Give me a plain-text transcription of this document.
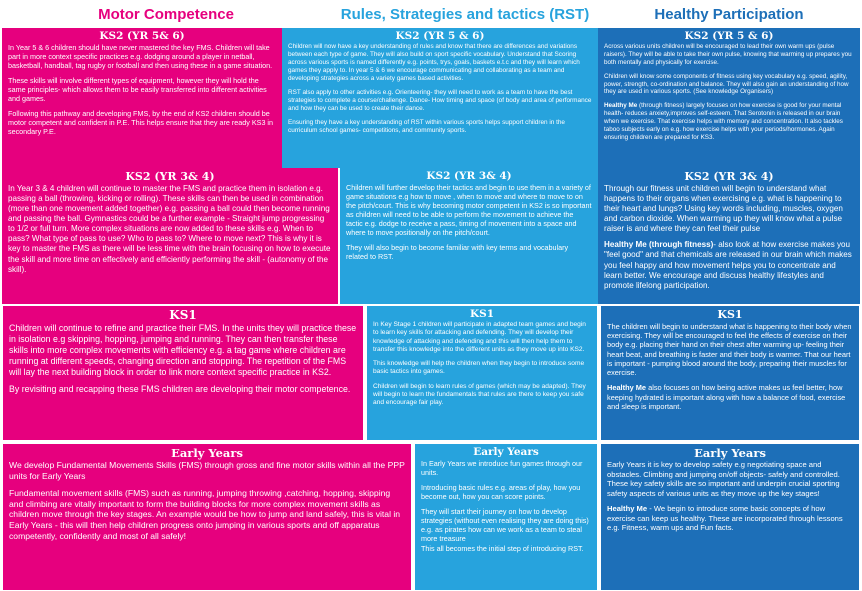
Motor Competence	Rules, Strategies and tactics (RST)	Healthy Participation
KS2 (YR 5& 6)

In Year 5 & 6 children should have never mastered the key FMS. Children will take part in more context specific practices e.g. dodging around a player in netball, basketball, handball, tag rugby or football and then using these in a game situation.

These skills will involve different types of equipment, however they will hold the same principles- which allows them to be easily transferred into different activities and games.

Following this pathway and developing FMS, by the end of KS2 children should be motor competent and confident in P.E. This helps ensure that they are ready KS3 in secondary P.E.

KS2 (YR 3& 4)

In Year 3 & 4 children will continue to master the FMS and practice them in isolation e.g. passing a ball (throwing, kicking or rolling). These skills can then be used in combination (more than one movement added together) e.g. passing a ball could then become running and passing the ball. Gymnastics could be a further example - Straight jump progressing to 1/2 or full turn. More complex situations are now added to these skills e.g. When to pass? What type of pass to use? Who to pass to? Where to move next? This is why it is key to master the FMS as there will be less time with the brain focusing on how to execute the skill and more time on effectively and efficiently performing the skill - (autonomy of the skill).

KS1

Children will continue to refine and practice their FMS. In the units they will practice these in isolation e.g skipping, hopping, jumping and running. They can then transfer these skills into more complex movements with efficiency e.g. a tag game where children are running at different speeds, changing direction and stopping. The repetition of the FMS will lay the next building block in order to link more context specific practice in KS2.

By revisiting and recapping these FMS children are developing their motor competence.

Early Years

We develop Fundamental Movements Skills (FMS) through gross and fine motor skills within all the PPP units for Early Years

Fundamental movement skills (FMS) such as running, jumping throwing ,catching, hopping, skipping and climbing are vitally important to form the building blocks for more complex movement skills as children move through the key stages. An example would be how to jump and land safely, this is vital in Early Years - this will then help children progress onto jumping in various sports and off apparatus competently, confidently and most of all safely!

KS2 (YR 5 & 6)

Children will now have a key understanding of rules and know that there are differences and variations between each type of game. They will also build on sport specific vocabulary. Understand that Scoring across various sports is named differently e.g. points, trys, goals, baskets e.t.c and they will learn which games they apply to. In year 5 & 6 we encourage communicating and collaborating as a team and developing strategies across a variety games based activities.

RST also apply to other activities e.g. Orienteering- they will need to work as a team to have the best strategies to complete a course/challenge. Dance- How timing and space (of body and area of performance and how they can be used to create their dance.

Ensuring they have a key understanding of RST within various sports helps support children in the curriculum school games- competitions, and community sports.

KS2 (YR 3& 4)

Children will further develop their tactics and begin to use them in a variety of game situations e.g how to move , when to move and where to move to on the pitch/court. This is why becoming motor competent in KS2 is so important as children will need to be able to perform the movement to achieve the tactic e.g. dodge to receive a pass, timing of movement into a space and where to move positionally on the pitch/court.

They will also begin to become familiar with key terms and vocabulary related to RST.

KS1

In Key Stage 1 children will participate in adapted team games and begin to learn key skills for attacking and defending. They will develop their knowledge of attacking and defending and this will then help them to transfer this knowledge into the different units as they move up into KS2.

This knowledge will help the children when they begin to introduce some basic tactics into games.

Children will begin to learn rules of games (which may be adapted). They will begin to learn the fundamentals that rules are there to keep you safe and encourage fair play.

Early Years

In Early Years we introduce fun games through our units.

Introducing basic rules e.g. areas of play, how you become out, how you can score points.

They will start their journey on how to develop strategies (without even realising they are doing this) e.g. as pirates how can we work as a team to steal more treasure

This all becomes the initial step of introducing RST.

KS2 (YR 5 & 6)

Across various units children will be encouraged to lead their own warm ups (pulse raisers). They will be able to take their own pulse, knowing that warming up prepares you both mentally and physically for exercise.

Children will know some components of fitness using key vocabulary e.g. speed, agility, power, strength, co-ordination and balance. They will also gain an understanding of how they are used in various sports. (See knowledge Organisers)

Healthy Me (through fitness) largely focuses on how exercise is good for your mental health- reduces anxiety,improves self-esteem. That Serotonin is released in our brain when we exercise. That exercise helps with memory and concentration. It also tackles taboo subjects early on e.g. how exercise helps with your periods/hormones. Again ensuring children are prepared for KS3.

KS2 (YR 3& 4)

Through our fitness unit children will begin to understand what happens to their organs when exercising e.g. what is happening to their heart and lungs? Using key words including, muscles, oxygen and carbon dioxide. When warming up they will know what a pulse raiser is and where they can feel their pulse

Healthy Me (through fitness)- also look at how exercise makes you "feel good" and that chemicals are released in our brain which makes you feel happy and how movement helps you to concentrate and learn better. We encourage and discuss healthy lifestyles and promote lifelong participation.

KS1

The children will begin to understand what is happening to their body when exercising. They will be encouraged to feel the effects of exercise on their body e.g. placing their hand on their chest after warming up- feeling their heart beat, and breathing is faster and their body is warmer. That our heart is important - pumping blood around the body, preparing their muscles for exercise.

Healthy Me also focuses on how being active makes us feel better, how keeping hydrated is important along with how a balance of food, exercise and sleep is important.

Early Years

Early Years it is key to develop safety e.g negotiating space and obstacles. Climbing and jumping on/off objects- safely and controlled. These key safety skills are so important and underpin crucial sporting safety aspects of various units as they move up the key stages!

Healthy Me - We begin to introduce some basic concepts of how exercise can keep us healthy. These are incorporated through lessons e.g. Fitness, warm ups and Fun facts.
